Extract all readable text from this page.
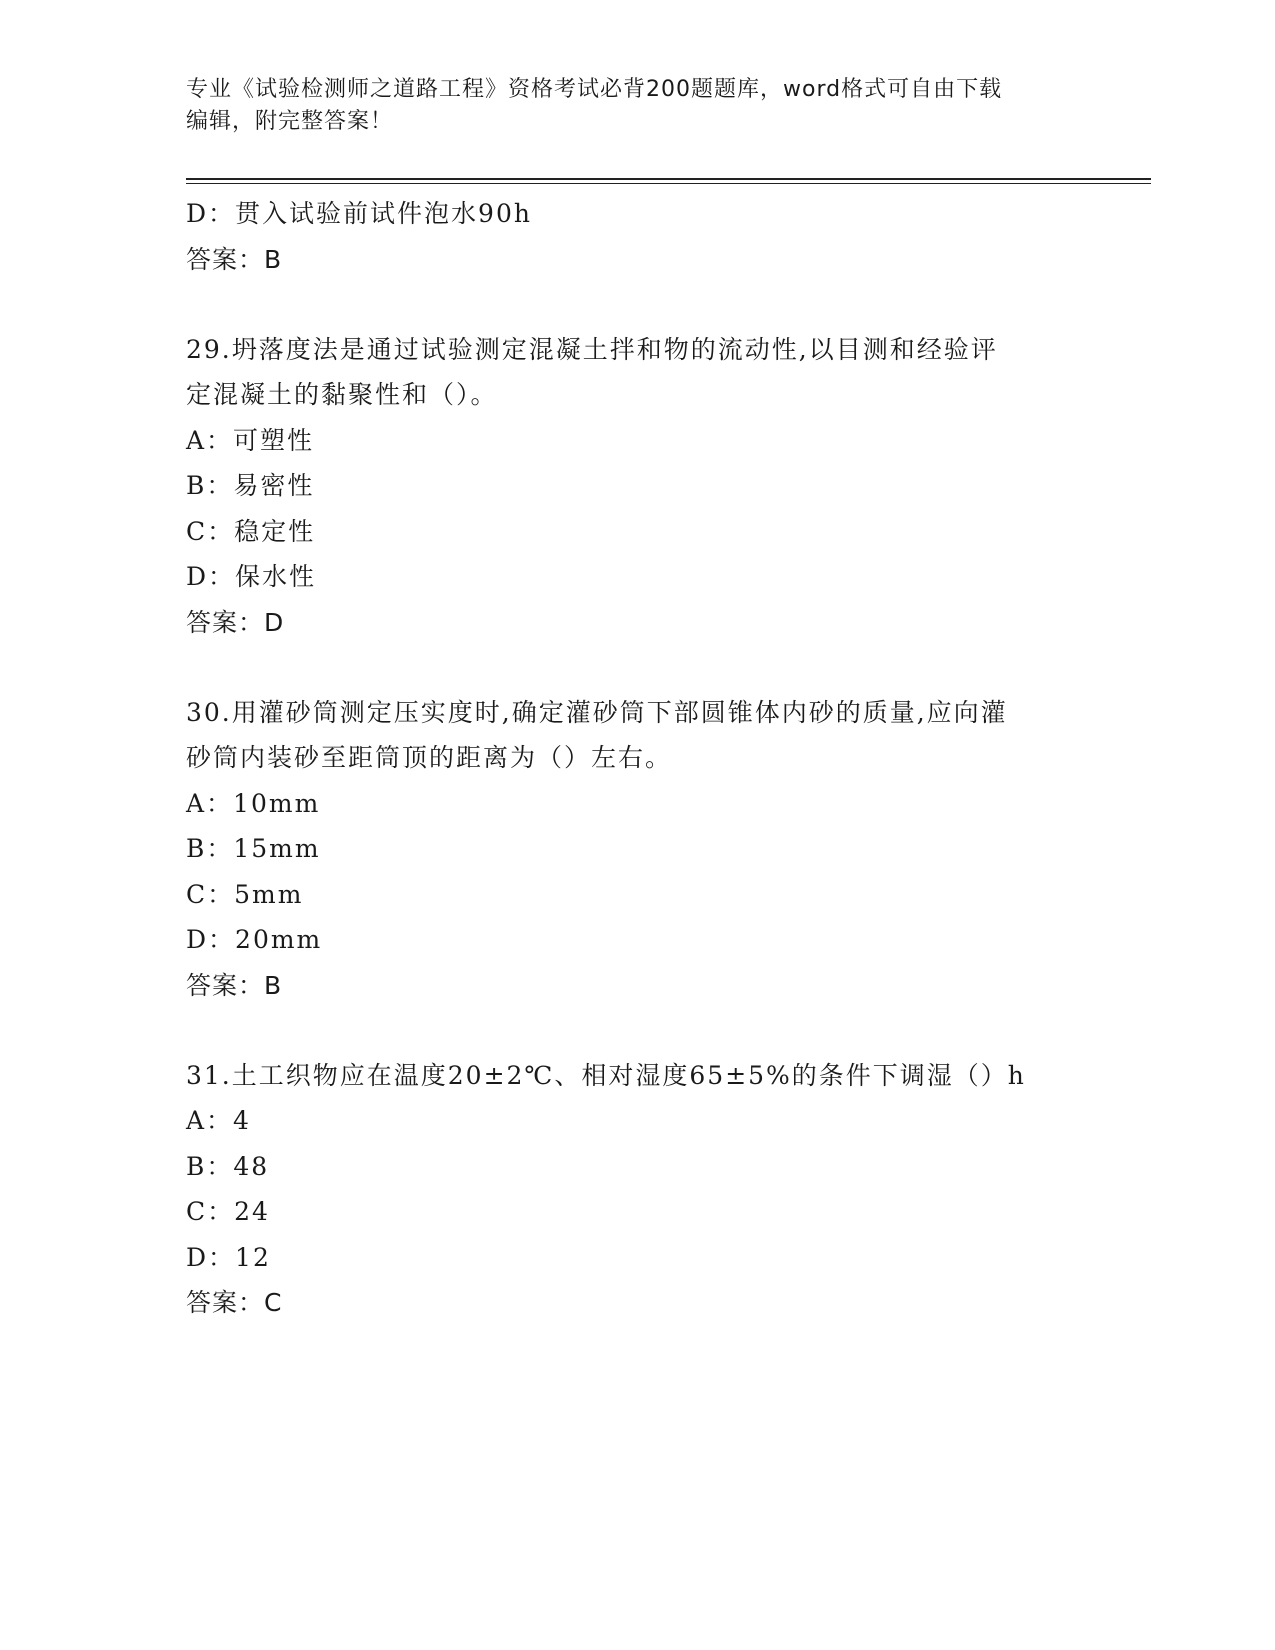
专业《试验检测师之道路工程》资格考试必背200题题库，word格式可自由下载
编辑，附完整答案！
D：贯入试验前试件泡水90h
答案：B
29.坍落度法是通过试验测定混凝土拌和物的流动性,以目测和经验评
定混凝土的黏聚性和（）。
A：可塑性
B：易密性
C：稳定性
D：保水性
答案：D
30.用灌砂筒测定压实度时,确定灌砂筒下部圆锥体内砂的质量,应向灌
砂筒内装砂至距筒顶的距离为（）左右。
A：10mm
B：15mm
C：5mm
D：20mm
答案：B
31.土工织物应在温度20±2℃、相对湿度65±5%的条件下调湿（）h
A：4
B：48
C：24
D：12
答案：C
